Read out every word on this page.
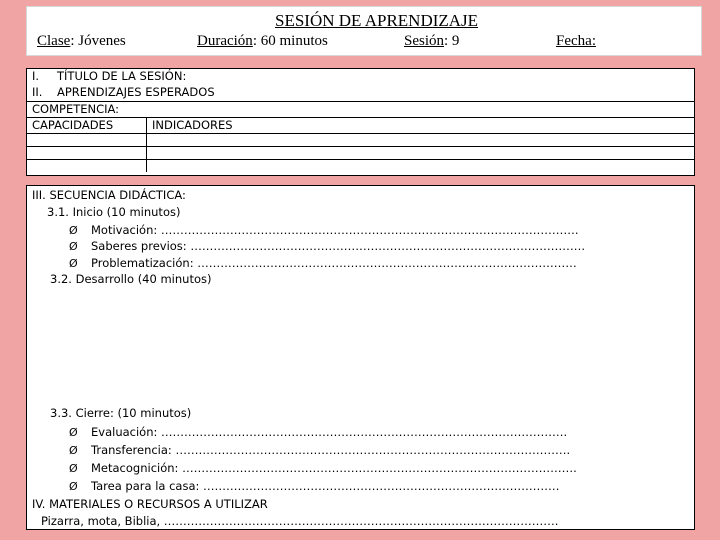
SESIÓN DE APRENDIZAJE
Clase: Jóvenes	Duración: 60 minutos	Sesión: 9	Fecha:
I. TÍTULO DE LA SESIÓN:
II. APRENDIZAJES ESPERADOS
COMPETENCIA:
CAPACIDADES	INDICADORES
III. SECUENCIA DIDÁCTICA:
3.1. Inicio (10 minutos)
Ø Motivación: ……………………………………………………………………………………………….
Ø Saberes previos: ………………………………………………………………………………………….
Ø Problematización: ………………………………………………………………………………………
3.2. Desarrollo (40 minutos)
3.3. Cierre: (10 minutos)
Ø Evaluación: …………………………………………………………………………………………….
Ø Transferencia: ………………………………………………………………………………………….
Ø Metacognición: ………………………………………………………………………………………….
Ø Tarea para la casa: …………………………………………………………………………………
IV. MATERIALES O RECURSOS A UTILIZAR
Pizarra, mota, Biblia, ………………………………………………………………………………………….
